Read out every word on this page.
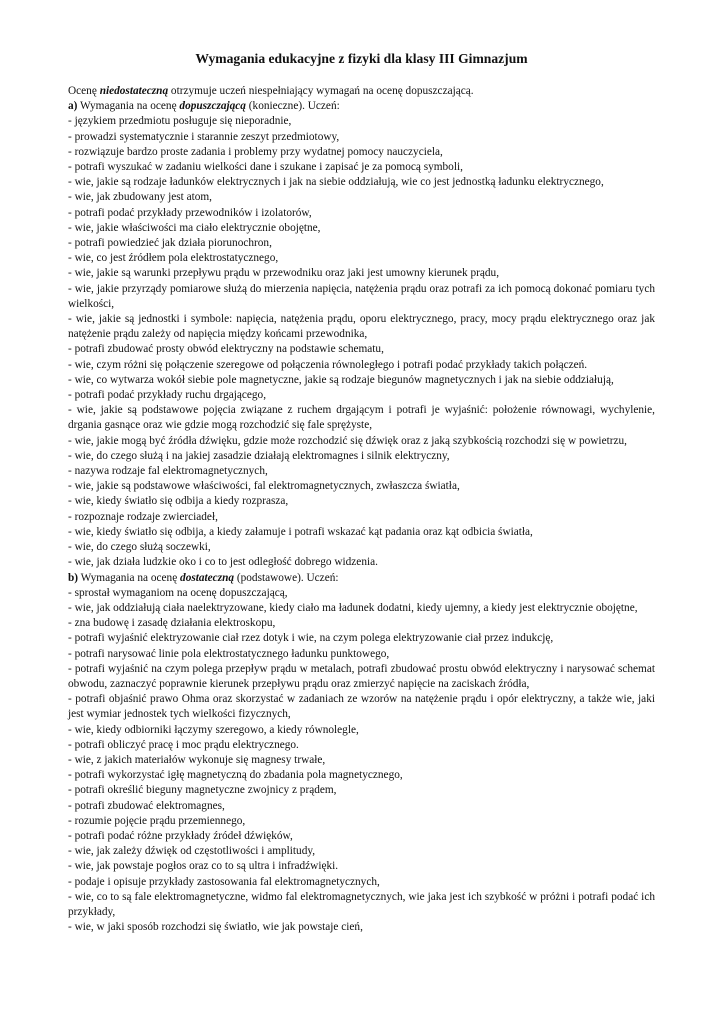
Wymagania edukacyjne z fizyki dla klasy III Gimnazjum

Ocenę niedostateczną otrzymuje uczeń niespełniający wymagań na ocenę dopuszczającą.

a) Wymagania na ocenę dopuszczającą (konieczne). Uczeń:

- językiem przedmiotu posługuje się nieporadnie,
- prowadzi systematycznie i starannie zeszyt przedmiotowy,
- rozwiązuje bardzo proste zadania i problemy przy wydatnej pomocy nauczyciela,
- potrafi wyszukać w zadaniu wielkości dane i szukane i zapisać je za pomocą symboli,
- wie, jakie są rodzaje ładunków elektrycznych i jak na siebie oddziałują, wie co jest jednostką ładunku elektrycznego,
- wie, jak zbudowany jest atom,
- potrafi podać przykłady przewodników i izolatorów,
- wie, jakie właściwości ma ciało elektrycznie obojętne,
- potrafi powiedzieć jak działa piorunochron,
- wie, co jest źródłem pola elektrostatycznego,
- wie, jakie są warunki przepływu prądu w przewodniku oraz jaki jest umowny kierunek prądu,
- wie, jakie przyrządy pomiarowe służą do mierzenia napięcia, natężenia prądu oraz potrafi za ich pomocą dokonać pomiaru tych wielkości,
- wie, jakie są jednostki i symbole: napięcia, natężenia prądu, oporu elektrycznego, pracy, mocy prądu elektrycznego oraz jak natężenie prądu zależy od napięcia między końcami przewodnika,
- potrafi zbudować prosty obwód elektryczny na podstawie schematu,
- wie, czym różni się połączenie szeregowe od połączenia równoległego i potrafi podać przykłady takich połączeń.
- wie, co wytwarza wokół siebie pole magnetyczne, jakie są rodzaje biegunów magnetycznych i jak na siebie oddziałują,
- potrafi podać przykłady ruchu drgającego,
- wie, jakie są podstawowe pojęcia związane z ruchem drgającym i potrafi je wyjaśnić: położenie równowagi, wychylenie, drgania gasnące oraz wie gdzie mogą rozchodzić się fale sprężyste,
- wie, jakie mogą być źródła dźwięku, gdzie może rozchodzić się dźwięk oraz z jaką szybkością rozchodzi się w powietrzu,
- wie, do czego służą i na jakiej zasadzie działają elektromagnes i silnik elektryczny,
- nazywa rodzaje fal elektromagnetycznych,
- wie, jakie są podstawowe właściwości, fal elektromagnetycznych, zwłaszcza światła,
- wie, kiedy światło się odbija a kiedy rozprasza,
- rozpoznaje rodzaje zwierciadeł,
- wie, kiedy światło się odbija, a kiedy załamuje i potrafi wskazać kąt padania oraz kąt odbicia światła,
- wie, do czego służą soczewki,
- wie, jak działa ludzkie oko i co to jest odległość dobrego widzenia.

b) Wymagania na ocenę dostateczną (podstawowe). Uczeń:

- sprostał wymaganiom na ocenę dopuszczającą,
- wie, jak oddziałują ciała naelektryzowane, kiedy ciało ma ładunek dodatni, kiedy ujemny, a kiedy jest elektrycznie obojętne,
- zna budowę i zasadę działania elektroskopu,
- potrafi wyjaśnić elektryzowanie ciał rzez dotyk i wie, na czym polega elektryzowanie ciał przez indukcję,
- potrafi narysować linie pola elektrostatycznego ładunku punktowego,
- potrafi wyjaśnić na czym polega przepływ prądu w metalach, potrafi zbudować prostu obwód elektryczny i narysować schemat obwodu, zaznaczyć poprawnie kierunek przepływu prądu oraz zmierzyć napięcie na zaciskach źródła,
- potrafi objaśnić prawo Ohma oraz skorzystać w zadaniach ze wzorów na natężenie prądu i opór elektryczny, a także wie, jaki jest wymiar jednostek tych wielkości fizycznych,
- wie, kiedy odbiorniki łączymy szeregowo, a kiedy równolegle,
- potrafi obliczyć pracę i moc prądu elektrycznego.
- wie, z jakich materiałów wykonuje się magnesy trwałe,
- potrafi wykorzystać igłę magnetyczną do zbadania pola magnetycznego,
- potrafi określić bieguny magnetyczne zwojnicy z prądem,
- potrafi zbudować elektromagnes,
- rozumie pojęcie prądu przemiennego,
- potrafi podać różne przykłady źródeł dźwięków,
- wie, jak zależy dźwięk od częstotliwości i amplitudy,
- wie, jak powstaje pogłos oraz co to są ultra i infradźwięki.
- podaje i opisuje przykłady zastosowania fal elektromagnetycznych,
- wie, co to są fale elektromagnetyczne, widmo fal elektromagnetycznych, wie jaka jest ich szybkość w próżni i potrafi podać ich przykłady,
- wie, w jaki sposób rozchodzi się światło, wie jak powstaje cień,
